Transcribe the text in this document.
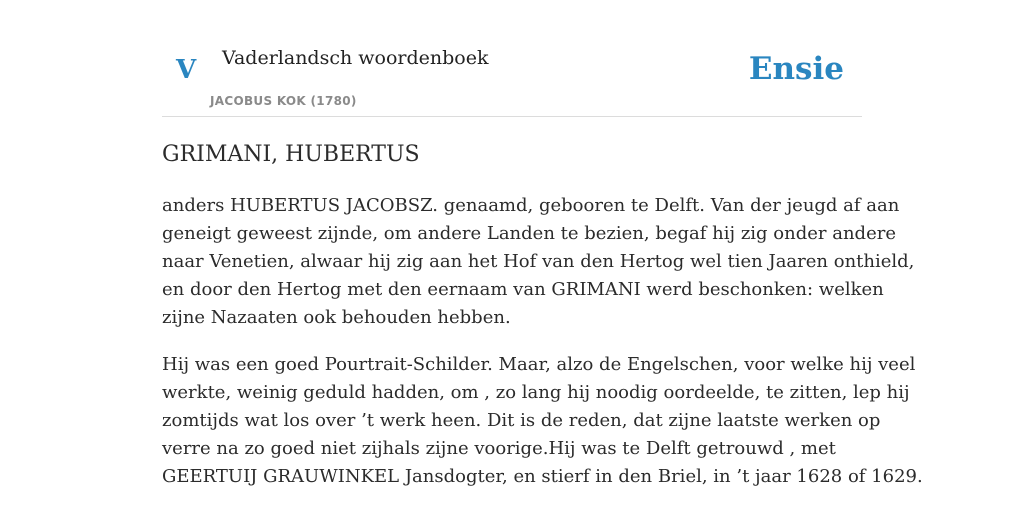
V Vaderlandsch woordenboek
JACOBUS KOK (1780)
Ensie
GRIMANI, HUBERTUS

anders HUBERTUS JACOBSZ. genaamd, gebooren te Delft. Van der jeugd af aan
geneigt geweest zijnde, om andere Landen te bezien, begaf hij zig onder andere
naar Venetien, alwaar hij zig aan het Hof van den Hertog wel tien Jaaren onthield,
en door den Hertog met den eernaam van GRIMANI werd beschonken: welken
zijne Nazaaten ook behouden hebben.

Hij was een goed Pourtrait-Schilder. Maar, alzo de Engelschen, voor welke hij veel
werkte, weinig geduld hadden, om , zo lang hij noodig oordeelde, te zitten, lep hij
zomtijds wat los over ’t werk heen. Dit is de reden, dat zijne laatste werken op
verre na zo goed niet zijhals zijne voorige.Hij was te Delft getrouwd , met
GEERTUIJ GRAUWINKEL Jansdogter, en stierf in den Briel, in ’t jaar 1628 of 1629.
